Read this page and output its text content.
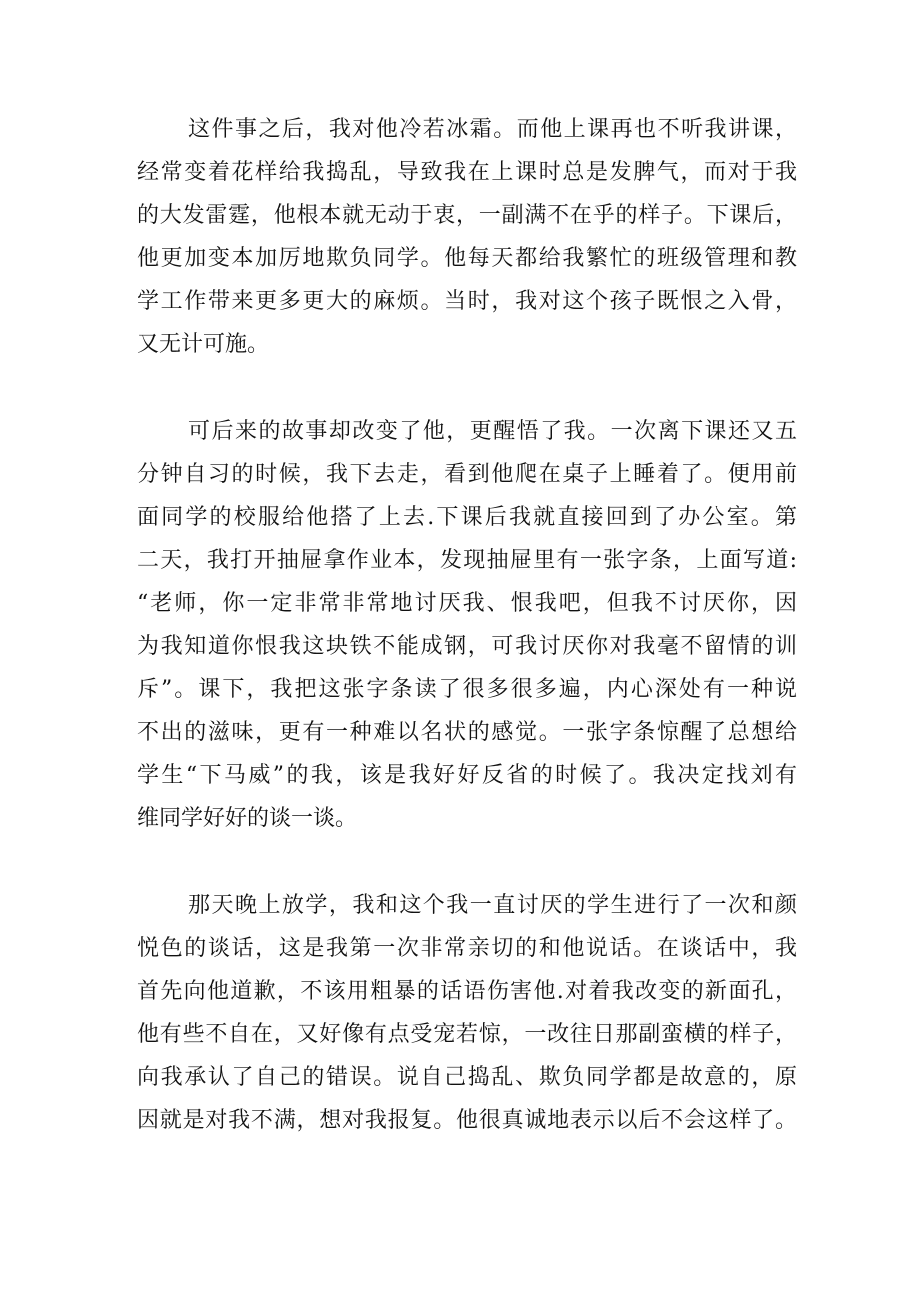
这件事之后，我对他冷若冰霜。而他上课再也不听我讲课，
经常变着花样给我捣乱，导致我在上课时总是发脾气，而对于我
的大发雷霆，他根本就无动于衷，一副满不在乎的样子。下课后，
他更加变本加厉地欺负同学。他每天都给我繁忙的班级管理和教
学工作带来更多更大的麻烦。当时，我对这个孩子既恨之入骨，
又无计可施。
可后来的故事却改变了他，更醒悟了我。一次离下课还又五
分钟自习的时候，我下去走，看到他爬在桌子上睡着了。便用前
面同学的校服给他搭了上去.下课后我就直接回到了办公室。第
二天，我打开抽屉拿作业本，发现抽屉里有一张字条，上面写道:
“老师，你一定非常非常地讨厌我、恨我吧，但我不讨厌你，因
为我知道你恨我这块铁不能成钢，可我讨厌你对我毫不留情的训
斥”。课下，我把这张字条读了很多很多遍，内心深处有一种说
不出的滋味，更有一种难以名状的感觉。一张字条惊醒了总想给
学生“下马威”的我，该是我好好反省的时候了。我决定找刘有
维同学好好的谈一谈。
那天晚上放学，我和这个我一直讨厌的学生进行了一次和颜
悦色的谈话，这是我第一次非常亲切的和他说话。在谈话中，我
首先向他道歉，不该用粗暴的话语伤害他.对着我改变的新面孔，
他有些不自在，又好像有点受宠若惊，一改往日那副蛮横的样子，
向我承认了自己的错误。说自己捣乱、欺负同学都是故意的，原
因就是对我不满，想对我报复。他很真诚地表示以后不会这样了。
